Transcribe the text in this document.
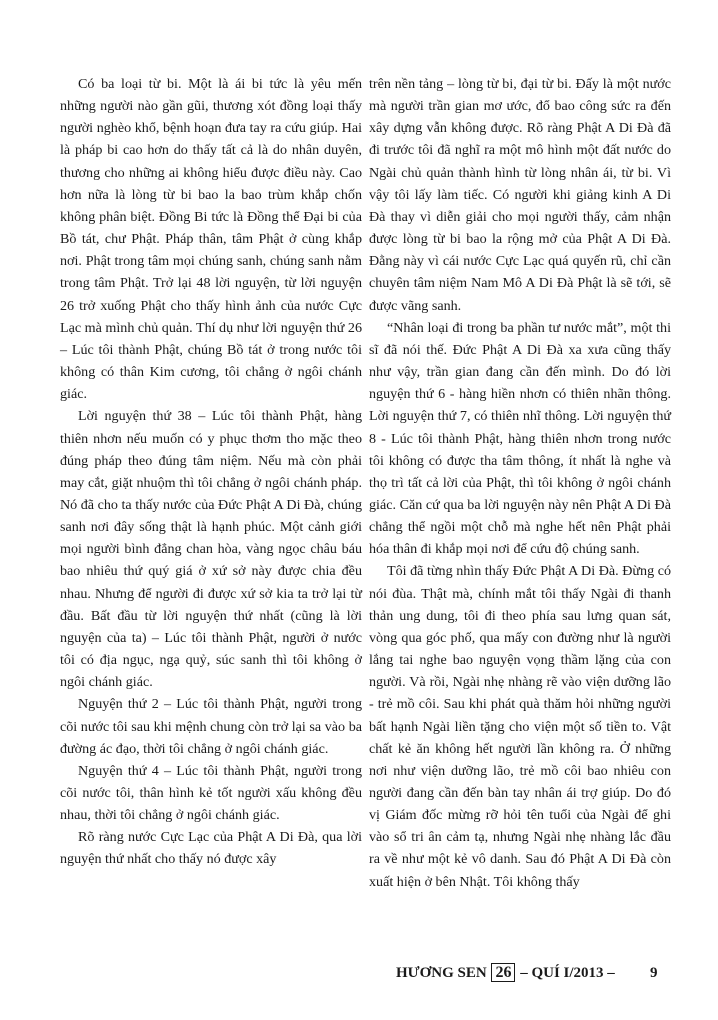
Có ba loại từ bi. Một là ái bi tức là yêu mến những người nào gần gũi, thương xót đồng loại thấy người nghèo khổ, bệnh hoạn đưa tay ra cứu giúp. Hai là pháp bi cao hơn do thấy tất cả là do nhân duyên, thương cho những ai không hiểu được điều này. Cao hơn nữa là lòng từ bi bao la bao trùm khắp chốn không phân biệt. Đồng Bi tức là Đồng thể Đại bi của Bồ tát, chư Phật. Pháp thân, tâm Phật ở cùng khắp nơi. Phật trong tâm mọi chúng sanh, chúng sanh nằm trong tâm Phật. Trở lại 48 lời nguyện, từ lời nguyện 26 trở xuống Phật cho thấy hình ảnh của nước Cực Lạc mà mình chủ quản. Thí dụ như lời nguyện thứ 26 – Lúc tôi thành Phật, chúng Bồ tát ở trong nước tôi không có thân Kim cương, tôi chẳng ở ngôi chánh giác.

Lời nguyện thứ 38 – Lúc tôi thành Phật, hàng thiên nhơn nếu muốn có y phục thơm tho mặc theo đúng pháp theo đúng tâm niệm. Nếu mà còn phải may cắt, giặt nhuộm thì tôi chẳng ở ngôi chánh pháp. Nó đã cho ta thấy nước của Đức Phật A Di Đà, chúng sanh nơi đây sống thật là hạnh phúc. Một cảnh giới mọi người bình đẳng chan hòa, vàng ngọc châu báu bao nhiêu thứ quý giá ở xứ sở này được chia đều nhau. Nhưng để người đi được xứ sở kia ta trở lại từ đầu. Bất đầu từ lời nguyện thứ nhất (cũng là lời nguyện của ta) – Lúc tôi thành Phật, người ở nước tôi có địa ngục, ngạ quỷ, súc sanh thì tôi không ở ngôi chánh giác.

Nguyện thứ 2 – Lúc tôi thành Phật, người trong cõi nước tôi sau khi mệnh chung còn trở lại sa vào ba đường ác đạo, thời tôi chẳng ở ngôi chánh giác.

Nguyện thứ 4 – Lúc tôi thành Phật, người trong cõi nước tôi, thân hình kẻ tốt người xấu không đều nhau, thời tôi chẳng ở ngôi chánh giác.

Rõ ràng nước Cực Lạc của Phật A Di Đà, qua lời nguyện thứ nhất cho thấy nó được xây

trên nền tảng – lòng từ bi, đại từ bi. Đấy là một nước mà người trần gian mơ ước, đổ bao công sức ra đến xây dựng vẫn không được. Rõ ràng Phật A Di Đà đã đi trước tôi đã nghĩ ra một mô hình một đất nước do Ngài chủ quản thành hình từ lòng nhân ái, từ bi. Vì vậy tôi lấy làm tiếc. Có người khi giảng kinh A Di Đà thay vì diễn giải cho mọi người thấy, cảm nhận được lòng từ bi bao la rộng mở của Phật A Di Đà. Đằng này vì cái nước Cực Lạc quá quyến rũ, chỉ cần chuyên tâm niệm Nam Mô A Di Đà Phật là sẽ tới, sẽ được vãng sanh.

“Nhân loại đi trong ba phần tư nước mắt”, một thi sĩ đã nói thế. Đức Phật A Di Đà xa xưa cũng thấy như vậy, trần gian đang cần đến mình. Do đó lời nguyện thứ 6 - hàng hiền nhơn có thiên nhãn thông. Lời nguyện thứ 7, có thiên nhĩ thông. Lời nguyện thứ 8 - Lúc tôi thành Phật, hàng thiên nhơn trong nước tôi không có được tha tâm thông, ít nhất là nghe và thọ trì tất cả lời của Phật, thì tôi không ở ngôi chánh giác. Căn cứ qua ba lời nguyện này nên Phật A Di Đà chẳng thể ngồi một chỗ mà nghe hết nên Phật phải hóa thân đi khắp mọi nơi để cứu độ chúng sanh.

Tôi đã từng nhìn thấy Đức Phật A Di Đà. Đừng có nói đùa. Thật mà, chính mắt tôi thấy Ngài đi thanh thản ung dung, tôi đi theo phía sau lưng quan sát, vòng qua góc phố, qua mấy con đường như là người lắng tai nghe bao nguyện vọng thầm lặng của con người. Và rồi, Ngài nhẹ nhàng rẽ vào viện dưỡng lão - trẻ mồ côi. Sau khi phát quà thăm hỏi những người bất hạnh Ngài liền tặng cho viện một số tiền to. Vật chất kẻ ăn không hết người lần không ra. Ở những nơi như viện dưỡng lão, trẻ mồ côi bao nhiêu con người đang cần đến bàn tay nhân ái trợ giúp. Do đó vị Giám đốc mừng rỡ hỏi tên tuổi của Ngài để ghi vào sổ tri ân cảm tạ, nhưng Ngài nhẹ nhàng lắc đầu ra về như một kẻ vô danh. Sau đó Phật A Di Đà còn xuất hiện ở bên Nhật. Tôi không thấy

HƯƠNG SEN 26 – QUÍ I/2013 – 9
